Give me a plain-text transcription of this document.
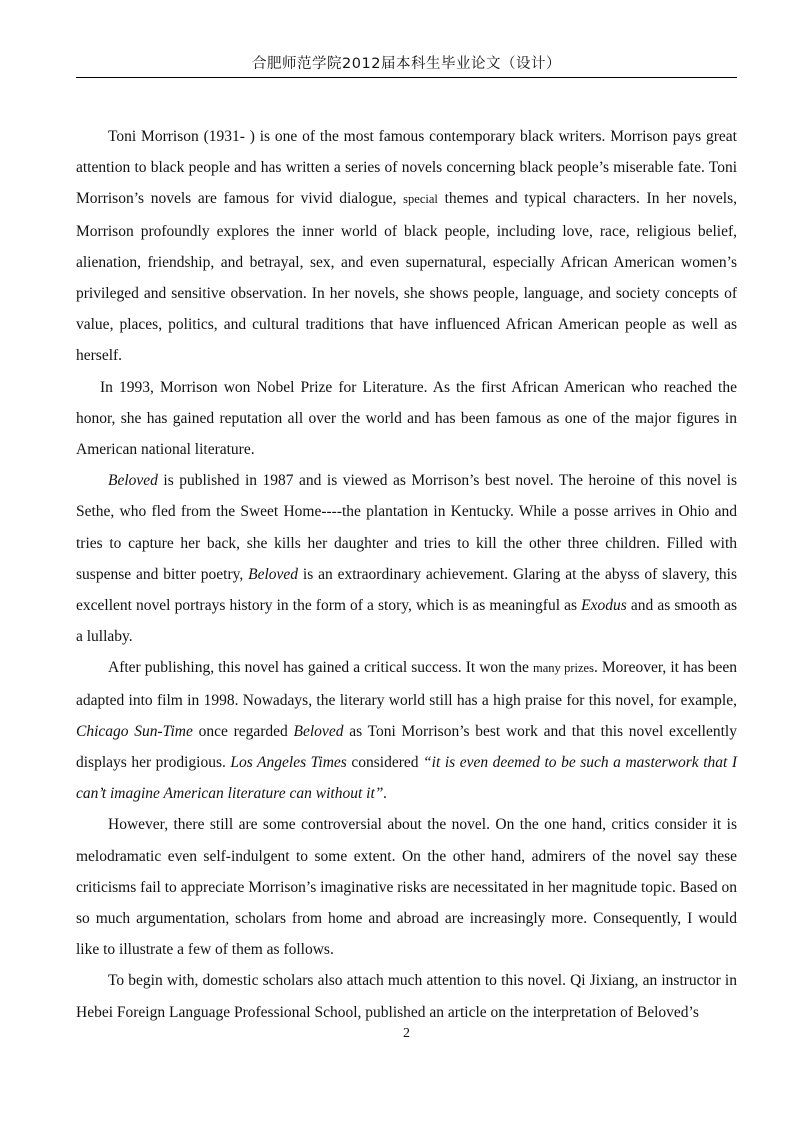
合肥师范学院2012届本科生毕业论文（设计）

Toni Morrison (1931- ) is one of the most famous contemporary black writers. Morrison pays great attention to black people and has written a series of novels concerning black people’s miserable fate. Toni Morrison’s novels are famous for vivid dialogue, special themes and typical characters. In her novels, Morrison profoundly explores the inner world of black people, including love, race, religious belief, alienation, friendship, and betrayal, sex, and even supernatural, especially African American women’s privileged and sensitive observation. In her novels, she shows people, language, and society concepts of value, places, politics, and cultural traditions that have influenced African American people as well as herself.

In 1993, Morrison won Nobel Prize for Literature. As the first African American who reached the honor, she has gained reputation all over the world and has been famous as one of the major figures in American national literature.

Beloved is published in 1987 and is viewed as Morrison’s best novel. The heroine of this novel is Sethe, who fled from the Sweet Home----the plantation in Kentucky. While a posse arrives in Ohio and tries to capture her back, she kills her daughter and tries to kill the other three children. Filled with suspense and bitter poetry, Beloved is an extraordinary achievement. Glaring at the abyss of slavery, this excellent novel portrays history in the form of a story, which is as meaningful as Exodus and as smooth as a lullaby.

After publishing, this novel has gained a critical success. It won the many prizes. Moreover, it has been adapted into film in 1998. Nowadays, the literary world still has a high praise for this novel, for example, Chicago Sun-Time once regarded Beloved as Toni Morrison’s best work and that this novel excellently displays her prodigious. Los Angeles Times considered “it is even deemed to be such a masterwork that I can’t imagine American literature can without it”.

However, there still are some controversial about the novel. On the one hand, critics consider it is melodramatic even self-indulgent to some extent. On the other hand, admirers of the novel say these criticisms fail to appreciate Morrison’s imaginative risks are necessitated in her magnitude topic. Based on so much argumentation, scholars from home and abroad are increasingly more. Consequently, I would like to illustrate a few of them as follows.

To begin with, domestic scholars also attach much attention to this novel. Qi Jixiang, an instructor in Hebei Foreign Language Professional School, published an article on the interpretation of Beloved’s

2
